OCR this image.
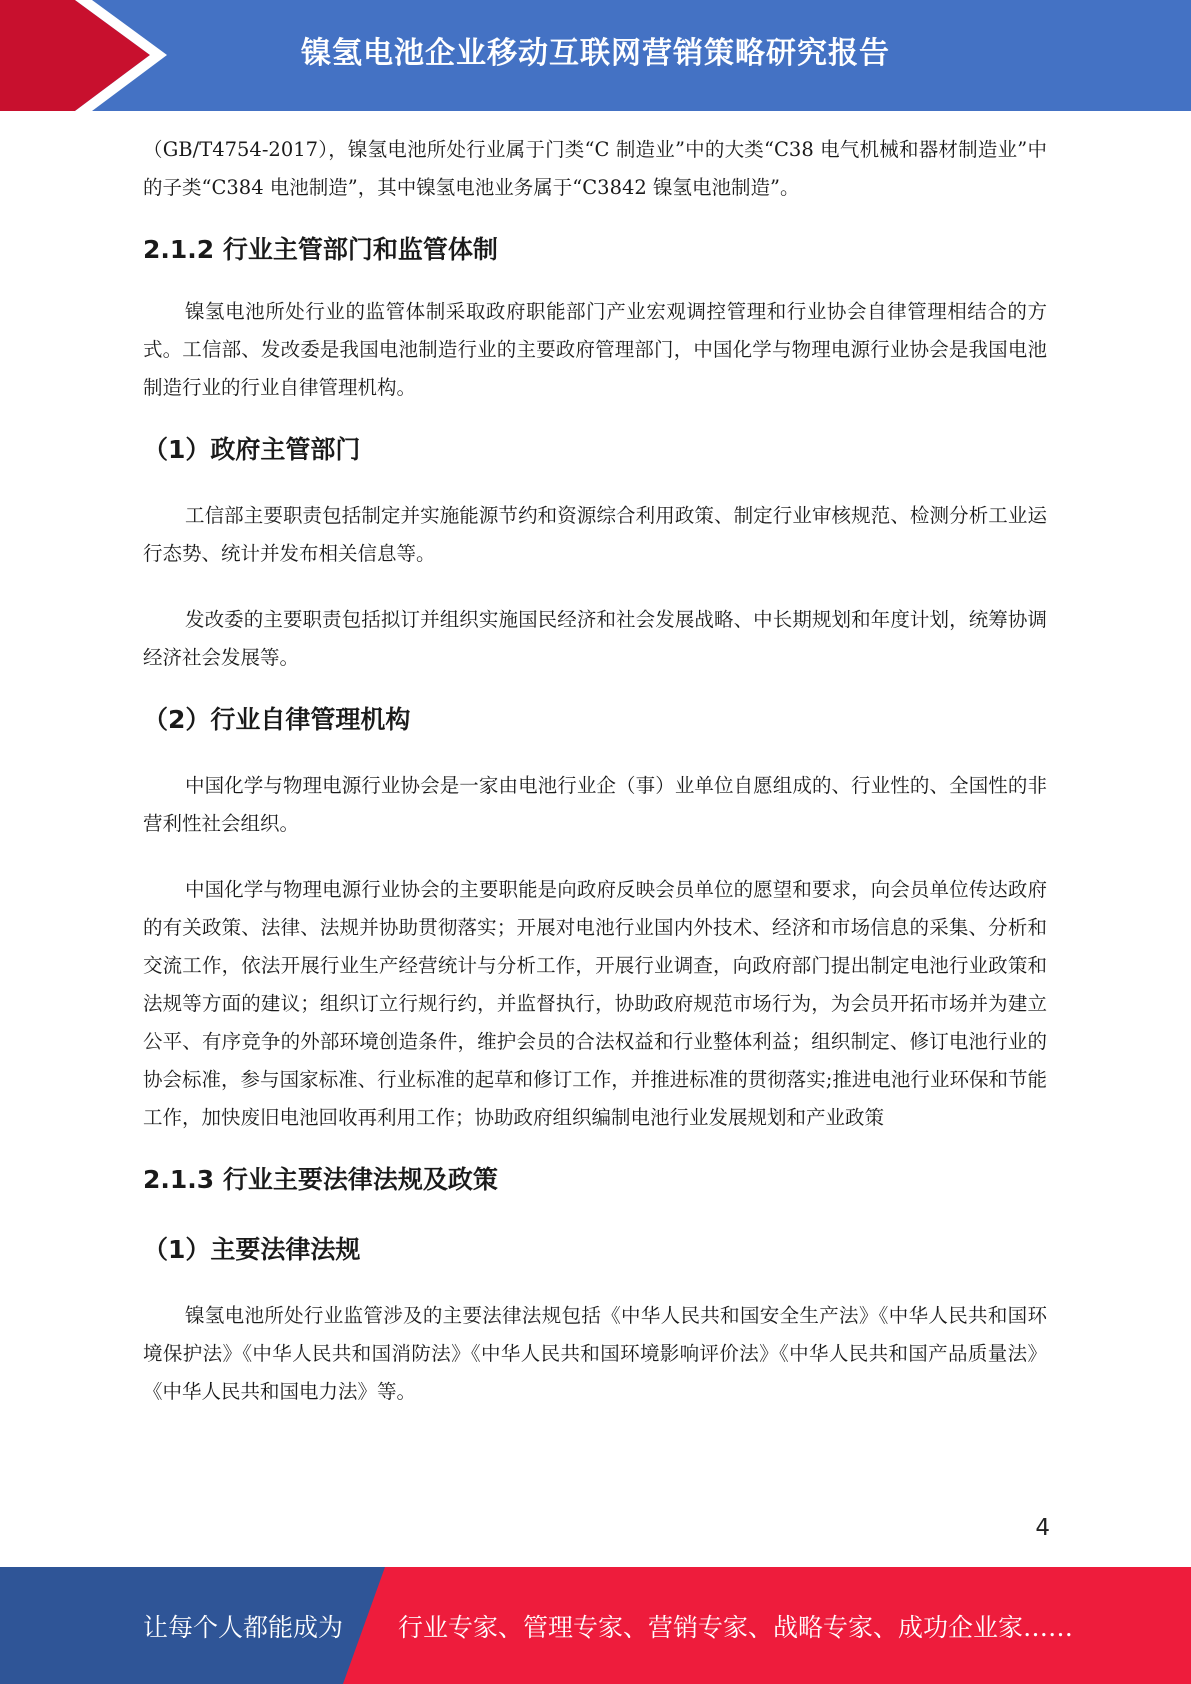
镍氢电池企业移动互联网营销策略研究报告

（GB/T4754-2017），镍氢电池所处行业属于门类“C 制造业”中的大类“C38 电气机械和器材制造业”中的子类“C384 电池制造”，其中镍氢电池业务属于“C3842 镍氢电池制造”。

2.1.2 行业主管部门和监管体制

镍氢电池所处行业的监管体制采取政府职能部门产业宏观调控管理和行业协会自律管理相结合的方式。工信部、发改委是我国电池制造行业的主要政府管理部门，中国化学与物理电源行业协会是我国电池制造行业的行业自律管理机构。

（1）政府主管部门

工信部主要职责包括制定并实施能源节约和资源综合利用政策、制定行业审核规范、检测分析工业运行态势、统计并发布相关信息等。

发改委的主要职责包括拟订并组织实施国民经济和社会发展战略、中长期规划和年度计划，统筹协调经济社会发展等。

（2）行业自律管理机构

中国化学与物理电源行业协会是一家由电池行业企（事）业单位自愿组成的、行业性的、全国性的非营利性社会组织。

中国化学与物理电源行业协会的主要职能是向政府反映会员单位的愿望和要求，向会员单位传达政府的有关政策、法律、法规并协助贯彻落实；开展对电池行业国内外技术、经济和市场信息的采集、分析和交流工作，依法开展行业生产经营统计与分析工作，开展行业调查，向政府部门提出制定电池行业政策和法规等方面的建议；组织订立行规行约，并监督执行，协助政府规范市场行为，为会员开拓市场并为建立公平、有序竞争的外部环境创造条件，维护会员的合法权益和行业整体利益；组织制定、修订电池行业的协会标准，参与国家标准、行业标准的起草和修订工作，并推进标准的贯彻落实;推进电池行业环保和节能工作，加快废旧电池回收再利用工作；协助政府组织编制电池行业发展规划和产业政策

2.1.3 行业主要法律法规及政策
（1）主要法律法规

镍氢电池所处行业监管涉及的主要法律法规包括《中华人民共和国安全生产法》《中华人民共和国环境保护法》《中华人民共和国消防法》《中华人民共和国环境影响评价法》《中华人民共和国产品质量法》《中华人民共和国电力法》等。

4
让每个人都能成为 行业专家、管理专家、营销专家、战略专家、成功企业家……
